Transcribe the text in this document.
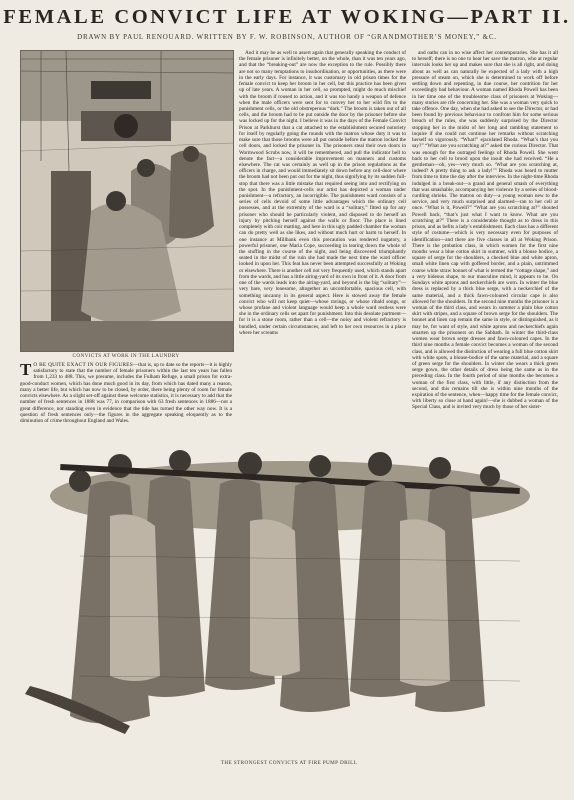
FEMALE CONVICT LIFE AT WOKING—PART II.
DRAWN BY PAUL RENOUARD. WRITTEN BY F. W. ROBINSON, AUTHOR OF “GRANDMOTHER’S MONEY,” &C.
CONVICTS AT WORK IN THE LAUNDRY
T O BE QUITE EXACT IN OUR FIGURES—that is, up to date so the reports—it is highly satisfactory to state that the number of female prisoners within the last ten years has fallen from 1,233 to 488. This, we presume, includes the Fulham Refuge, a small prison for extra-good-conduct women, which has done much good in its day, from which has dated many a reason, many a better life, but which has now to be closed, by order, there being plenty of room for female convicts elsewhere. As a slight set-off against these welcome statistics, it is necessary to add that the number of fresh sentences in 1888 was 77, in comparison with 63 fresh sentences in 1886—not a great difference, nor standing even in evidence that the tide has turned the other way now. It is a question of fresh sentences only—the figures in the aggregate speaking eloquently as to the diminution of crime throughout England and Wales.

And it may be as well to assert again that generally speaking the conduct of the female prisoner is infinitely better, on the whole, than it was ten years ago, and that the “breaking-out” are now the exception to the rule. Possibly there are not so many temptations to insubordination, or opportunities, as there were in the early days. For instance, it was customary in old prison times for the female convict to keep her broom in her cell, but this practice has been given up of late years. A woman in her cell, so prompted, might do much mischief with the broom if roused to action, and it was too handy a weapon of defence when the male officers were sent for to convey her to her wild fits to the punishment cells, or the old obstreperous “dark.” The broom is taken out of all cells, and the broom had to be put outside the door by the prisoner before she was locked up for the night. I believe it was in the days of the Female Convict Prison at Parkhurst that a cat attached to the establishment secured notoriety for itself by regularly going the rounds with the matron whose duty it was to make sure that those brooms were all put outside before the matron locked the cell doors, and locked the prisoner in. The prisoners steal their own doors in Wormwood Scrubs now, it will be remembered, and pull the indicator bell to denote the fact—a considerable improvement on manners and customs elsewhere. The cat was certainly as well up in the prison regulations as the officers in charge, and would immediately sit down before any cell-door where the broom had not been put out for the night, thus signifying by its sudden full-stop that there was a little mistake that required seeing into and rectifying on the spot. In the punishment-cells our artist has depicted a woman under punishment—a refractory, an incorrigible. The punishment ward consists of a series of cells devoid of some little advantages which the ordinary cell possesses, and at the extremity of the ward is a “solitary,” fitted up for any prisoner who should be particularly violent, and disposed to do herself an injury by pitching herself against the walls or floor. The place is lined completely with coir matting, and here in this ugly padded chamber the woman can do pretty well as she likes, and without much hurt or harm to herself. In one instance at Millbank even this precaution was rendered nugatory, a powerful prisoner, one Maria Cope, succeeding in tearing down the whole of the stuffing in the course of the night, and being discovered triumphantly seated in the midst of the ruin she had made the next time the ward officer looked in upon her. This feat has never been attempted successfully at Woking or elsewhere. There is another cell not very frequently used, which stands apart from the wards, and has a little airing-yard of its own in front of it. A door from one of the wards leads into the airing-yard, and beyond is the big “solitary”—very bare, very lonesome, altogether an uncomfortable, spacious cell, with something uncanny in its general aspect. Here is stowed away the female convict who will not keep quiet—whose ravings, or whose ribald songs, or whose profane and violent language would keep a whole ward restless were she in the ordinary cells set apart for punishment. Into this desolate partment—for it is a stone room, rather than a cell—the noisy and violent refractory is bundled, under certain circumstances, and left to her own resources in a place where her screams

and oaths can in no wise affect her contemporaries. She has it all to herself; there is no one to hear her save the matron, who at regular intervals looks her up and makes sure that she is all right, and doing about as well as can naturally be expected of a lady with a high pressure of steam on, which she is determined to work off before settling down and repenting, in due course, her contrition for her exceedingly bad behaviour. A woman named Rhoda Powell has been in her time one of the troublesome class of prisoners at Woking—many stories are rife concerning her. She was a woman very quick to take offence. One day, when she had asked to see the Director, or had been found by previous behaviour to confront him for some serious breach of the rules, she was suddenly surprised by the Director stopping her in the midst of her long and rambling statement to inquire if she could not continue her remarks without scratching herself so vigorously. “What!” ejaculated Rhoda. “What’s that you say?” “What are you scratching at?” asked the curious Director. That was enough for the outraged feelings of Rhoda Powell. She went back to her cell to brood upon the insult she had received. “He a gentleman—oh, yes—very much so. ‘What are you scratching at, indeed? A pretty thing to ask a lady!’” Rhoda was heard to mutter from time to time the day after the interview. In the night-time Rhoda indulged in a break-out—a grand and general smash of everything that was smashable, accompanying her violence by a series of blood-curdling shrieks. The matron on duty—a young woman new to the service, and very much surprised and alarmed—ran to her cell at once. “What is it, Powell?” “What are you scratching at?” shouted Powell back, “that’s just what I want to know. What are you scratching at?” There is a considerable thought as to dress in this prison, and as befits a lady’s establishment. Each class has a different style of costume—which is very necessary even for purposes of identification—and there are five classes in all at Woking Prison. There is the probation class, in which women for the first nine months wear a blue cotton skirt in summer, with a blouse bodice, a square of serge for the shoulders, a checked blue and white apron, small white linen cap with goffered border, and a plain, untrimmed coarse white straw bonnet of what is termed the “cottage shape,” and a very hideous shape, to our masculine mind, it appears to be. On Sundays white aprons and neckerchiefs are worn. In winter the blue dress is replaced by a thick blue serge, with a neckerchief of the same material, and a thick fawn-coloured circular cape is also allowed for the shoulders. In the second nine months the prisoner is a woman of the third class, and wears in summer a plain blue cotton skirt with stripes, and a square of brown serge for the shoulders. The bonnet and linen cap remain the same in style, or distinguished, as it may be, for want of style, and white aprons and neckerchiefs again smarten up the prisoners on the Sabbath. In winter the third-class women wear brown serge dresses and fawn-coloured capes. In the third nine months a female convict becomes a woman of the second class, and is allowed the distinction of wearing a full blue cotton skirt with white spots, a blouse-bodice of the same material, and a square of green serge for the shoulders. In winter she wears a thick green serge gown, the other details of dress being the same as in the preceding class. In the fourth period of nine months she becomes a woman of the first class, with little, if any distinction from the second, and this remains till she is within nine months of the expiration of the sentence, when—happy time for the female convict, with liberty so close at hand again!—she is dubbed a woman of the Special Class, and is invited very much by those of her sister-

THE STRONGEST CONVICTS AT FIRE PUMP DRILL
